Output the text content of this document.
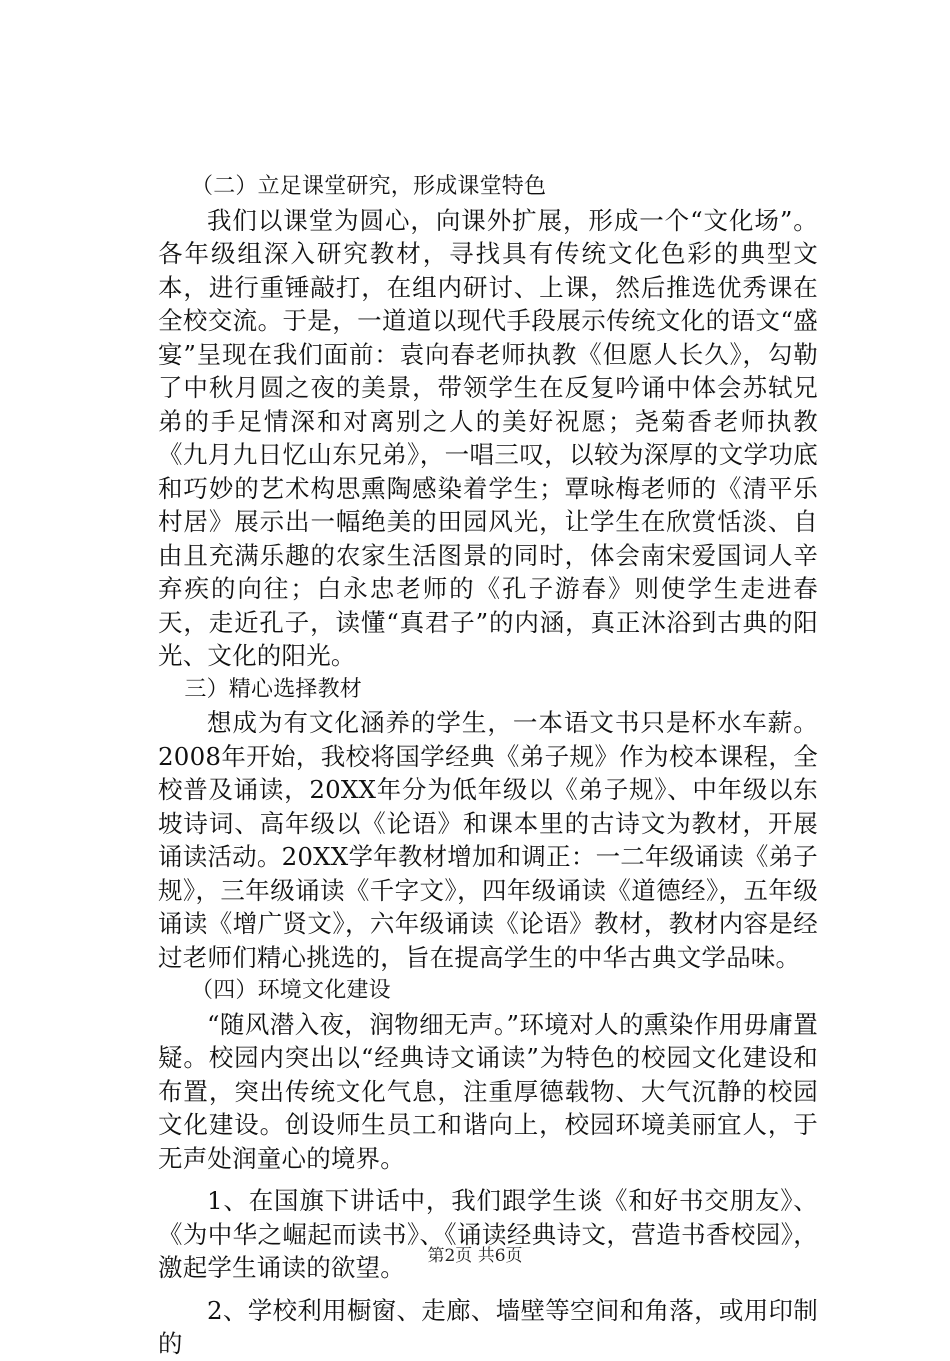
（二）立足课堂研究，形成课堂特色

我们以课堂为圆心，向课外扩展，形成一个“文化场”。各年级组深入研究教材，寻找具有传统文化色彩的典型文本，进行重锤敲打，在组内研讨、上课，然后推选优秀课在全校交流。于是，一道道以现代手段展示传统文化的语文“盛宴”呈现在我们面前：袁向春老师执教《但愿人长久》，勾勒了中秋月圆之夜的美景，带领学生在反复吟诵中体会苏轼兄弟的手足情深和对离别之人的美好祝愿；尧菊香老师执教《九月九日忆山东兄弟》，一唱三叹，以较为深厚的文学功底和巧妙的艺术构思熏陶感染着学生；覃咏梅老师的《清平乐村居》展示出一幅绝美的田园风光，让学生在欣赏恬淡、自由且充满乐趣的农家生活图景的同时，体会南宋爱国词人辛弃疾的向往；白永忠老师的《孔子游春》则使学生走进春天，走近孔子，读懂“真君子”的内涵，真正沐浴到古典的阳光、文化的阳光。

三）精心选择教材

想成为有文化涵养的学生，一本语文书只是杯水车薪。2008年开始，我校将国学经典《弟子规》作为校本课程，全校普及诵读，20XX年分为低年级以《弟子规》、中年级以东坡诗词、高年级以《论语》和课本里的古诗文为教材，开展诵读活动。20XX学年教材增加和调正：一二年级诵读《弟子规》，三年级诵读《千字文》，四年级诵读《道德经》，五年级诵读《增广贤文》，六年级诵读《论语》教材，教材内容是经过老师们精心挑选的，旨在提高学生的中华古典文学品味。

（四）环境文化建设

“随风潜入夜，润物细无声。”环境对人的熏染作用毋庸置疑。校园内突出以“经典诗文诵读”为特色的校园文化建设和布置，突出传统文化气息，注重厚德载物、大气沉静的校园文化建设。创设师生员工和谐向上，校园环境美丽宜人，于无声处润童心的境界。

1、在国旗下讲话中，我们跟学生谈《和好书交朋友》、《为中华之崛起而读书》、《诵读经典诗文，营造书香校园》，激起学生诵读的欲望。

2、学校利用橱窗、走廊、墙壁等空间和角落，或用印制的

第2页 共6页
